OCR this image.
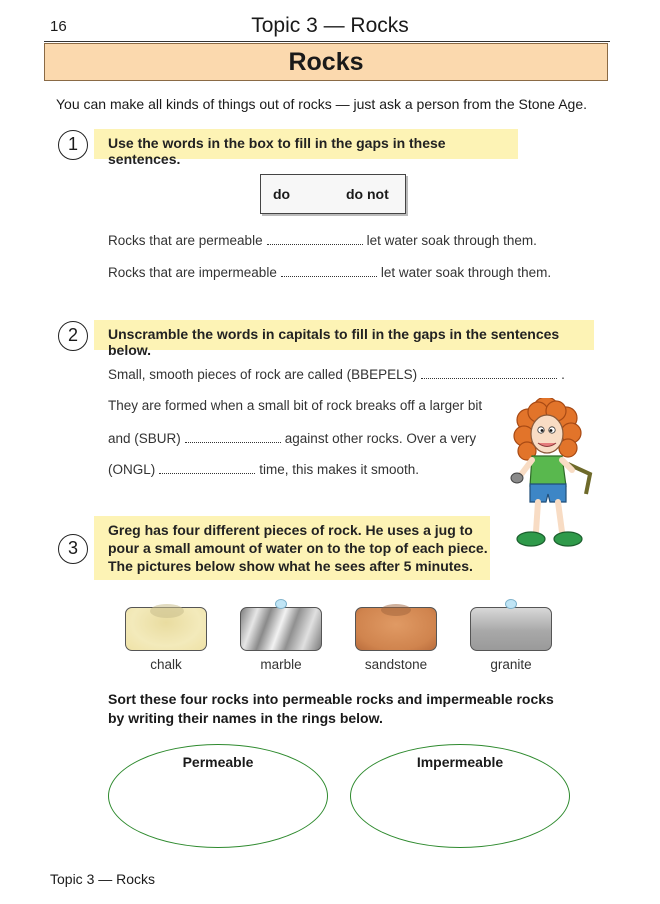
16	Topic 3 — Rocks
Rocks
You can make all kinds of things out of rocks — just ask a person from the Stone Age.
1	Use the words in the box to fill in the gaps in these sentences.
do	do not
Rocks that are permeable	let water soak through them.
Rocks that are impermeable	let water soak through them.
2	Unscramble the words in capitals to fill in the gaps in the sentences below.
Small, smooth pieces of rock are called (BBEPELS)	.
They are formed when a small bit of rock breaks off a larger bit
and (SBUR)	against other rocks. Over a very
(ONGL)	time, this makes it smooth.
3
Greg has four different pieces of rock. He uses a jug to
pour a small amount of water on to the top of each piece.
The pictures below show what he sees after 5 minutes.
chalk	marble	sandstone	granite
Sort these four rocks into permeable rocks and impermeable rocks
by writing their names in the rings below.
Permeable	Impermeable
Topic 3 — Rocks
